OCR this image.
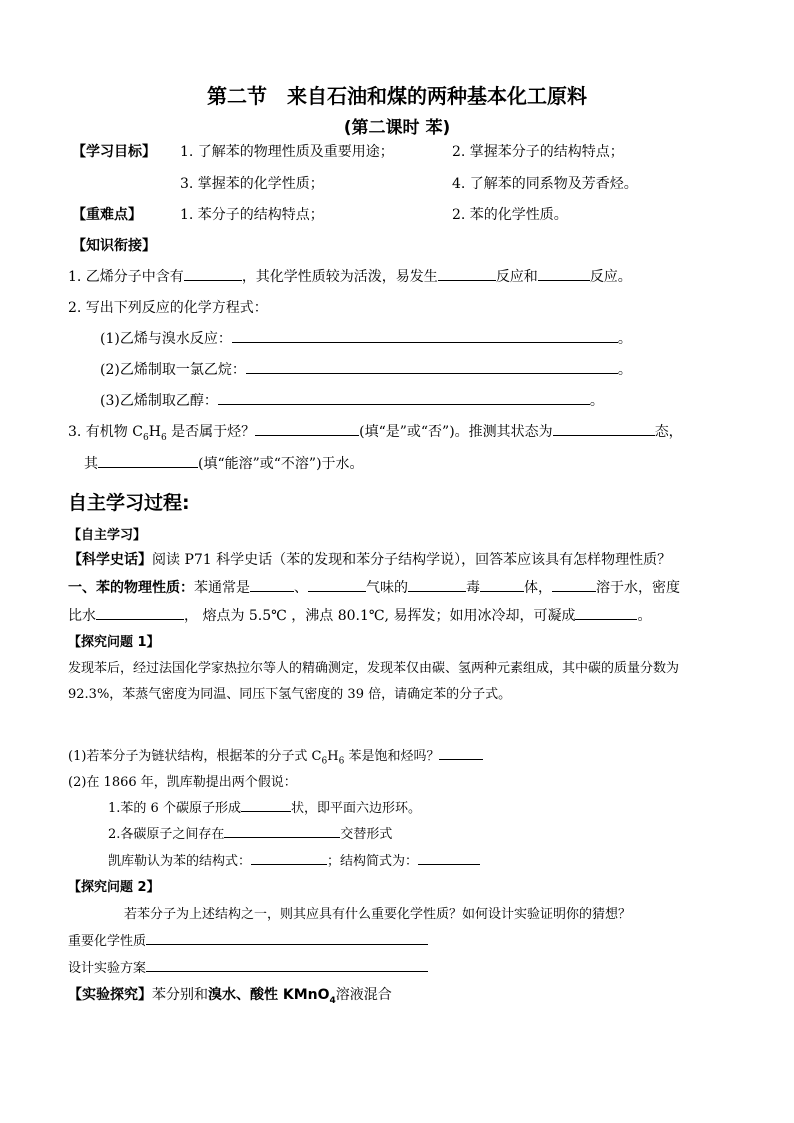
第二节　来自石油和煤的两种基本化工原料
(第二课时 苯)
【学习目标】 1. 了解苯的物理性质及重要用途；	2. 掌握苯分子的结构特点；
3. 掌握苯的化学性质；	4. 了解苯的同系物及芳香烃。
【重难点】	1. 苯分子的结构特点；	2. 苯的化学性质。
【知识衔接】
1. 乙烯分子中含有	，其化学性质较为活泼，易发生	反应和	反应。
2. 写出下列反应的化学方程式：
(1)乙烯与溴水反应：	。
(2)乙烯制取一氯乙烷：	。
(3)乙烯制取乙醇：	。
3. 有机物 $C_6H_6$ 是否属于烃？	(填“是”或“否”)。推测其状态为	态，
其	(填“能溶”或“不溶”)于水。
自主学习过程:
【自主学习】
【科学史话】阅读 P71 科学史话（苯的发现和苯分子结构学说），回答苯应该具有怎样物理性质？
一、苯的物理性质：苯通常是	、	气味的	毒	体，	溶于水，密度
比水	， 熔点为 5.5℃ ，沸点 80.1℃, 易挥发；如用冰冷却，可凝成	。
【探究问题 1】
发现苯后，经过法国化学家热拉尔等人的精确测定，发现苯仅由碳、氢两种元素组成，其中碳的质量分数为
92.3%，苯蒸气密度为同温、同压下氢气密度的 39 倍，请确定苯的分子式。
(1)若苯分子为链状结构，根据苯的分子式 $C_6H_6$ 苯是饱和烃吗？
(2)在 1866 年，凯库勒提出两个假说：
1.苯的 6 个碳原子形成	状，即平面六边形环。
2.各碳原子之间存在	交替形式
凯库勒认为苯的结构式：	；结构简式为：
【探究问题 2】
若苯分子为上述结构之一，则其应具有什么重要化学性质？如何设计实验证明你的猜想？
重要化学性质
设计实验方案
【实验探究】苯分别和溴水、酸性 KMnO$_4$溶液混合
